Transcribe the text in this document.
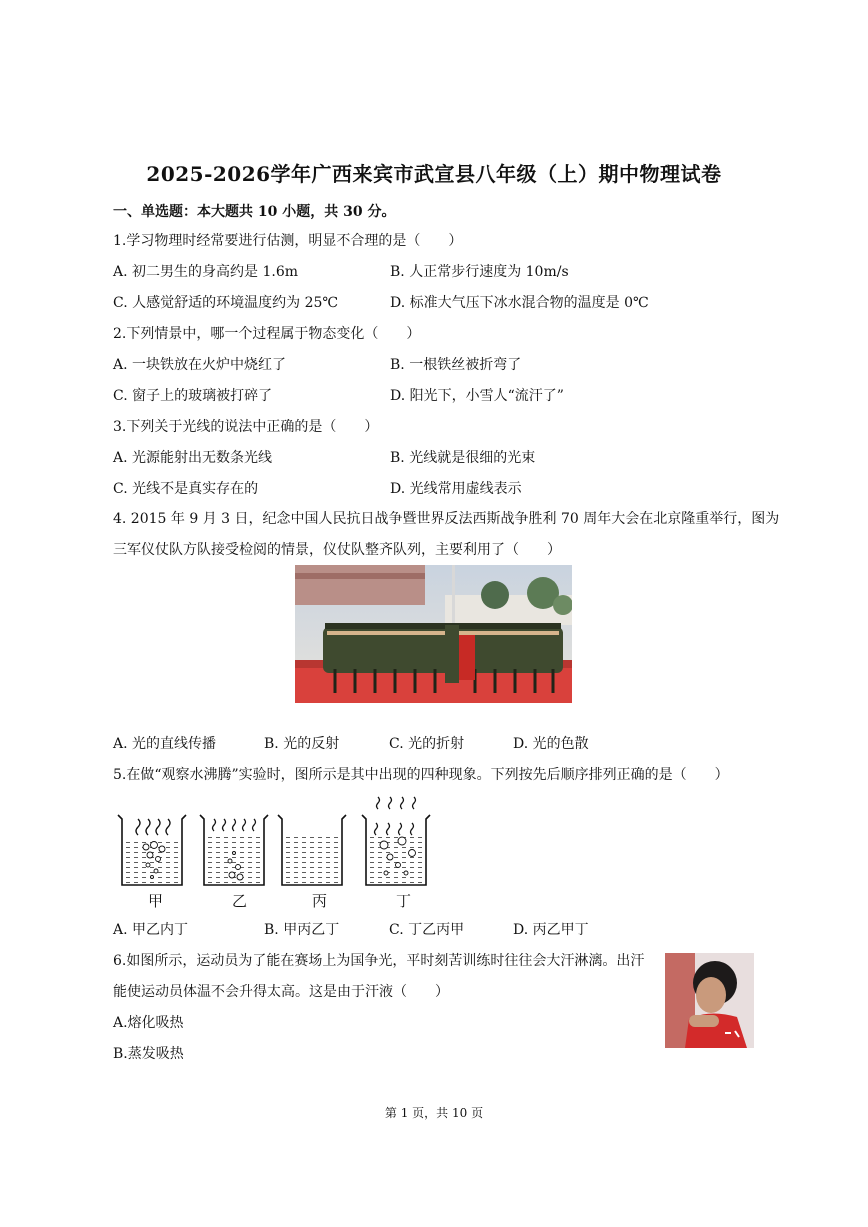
2025-2026学年广西来宾市武宣县八年级（上）期中物理试卷
一、单选题：本大题共 10 小题，共 30 分。
1.学习物理时经常要进行估测，明显不合理的是（　　）
A. 初二男生的身高约是 1.6m	B. 人正常步行速度为 10m/s
C. 人感觉舒适的环境温度约为 25℃	D. 标准大气压下冰水混合物的温度是 0℃
2.下列情景中，哪一个过程属于物态变化（　　）
A. 一块铁放在火炉中烧红了	B. 一根铁丝被折弯了
C. 窗子上的玻璃被打碎了	D. 阳光下，小雪人“流汗了”
3.下列关于光线的说法中正确的是（　　）
A. 光源能射出无数条光线	B. 光线就是很细的光束
C. 光线不是真实存在的	D. 光线常用虚线表示
4. 2015 年 9 月 3 日，纪念中国人民抗日战争暨世界反法西斯战争胜利 70 周年大会在北京隆重举行，图为
三军仪仗队方队接受检阅的情景，仪仗队整齐队列，主要利用了（　　）
A. 光的直线传播	B. 光的反射	C. 光的折射	D. 光的色散
5.在做“观察水沸腾”实验时，图所示是其中出现的四种现象。下列按先后顺序排列正确的是（　　）
甲	乙	丙	丁
A. 甲乙内丁	B. 甲丙乙丁	C. 丁乙丙甲	D. 丙乙甲丁
6.如图所示，运动员为了能在赛场上为国争光，平时刻苦训练时往往会大汗淋漓。出汗
能使运动员体温不会升得太高。这是由于汗液（　　）
A.熔化吸热
B.蒸发吸热
第 1 页，共 10 页
